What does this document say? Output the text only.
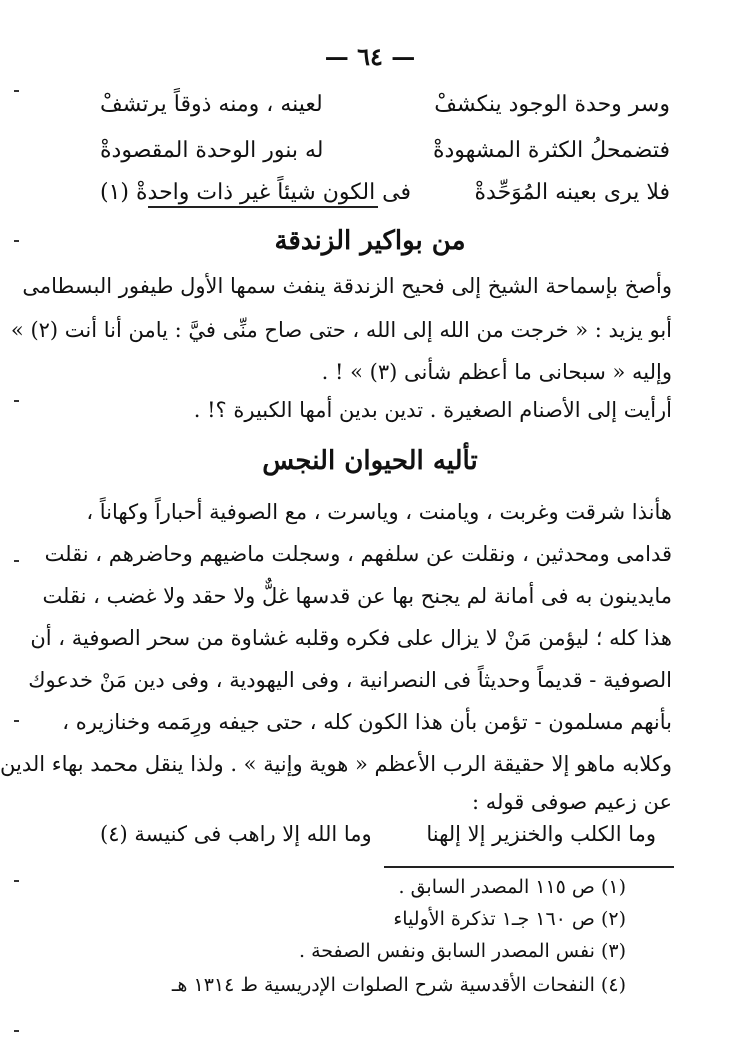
— ٦٤ —
وسر وحدة الوجود ينكشفْ
لعينه ، ومنه ذوقاً يرتشفْ
فتضمحلُ الكثرة المشهودةْ
له بنور الوحدة المقصودةْ
فلا يرى بعينه المُوَحِّدةْ
فى الكون شيئاً غير ذات واحدةْ (١)
من بواكير الزندقة
وأصخ بإسماحة الشيخ إلى فحيح الزندقة ينفث سمها الأول طيفور البسطامى
أبو يزيد : « خرجت من الله إلى الله ، حتى صاح منِّى فيَّ : يامن أنا أنت (٢) »
وإليه « سبحانى ما أعظم شأنى (٣) » ! .
أرأيت إلى الأصنام الصغيرة . تدين بدين أمها الكبيرة ؟! .
تأليه الحيوان النجس
هأنذا شرقت وغربت ، ويامنت ، وياسرت ، مع الصوفية أحباراً وكهاناً ،
قدامى ومحدثين ، ونقلت عن سلفهم ، وسجلت ماضيهم وحاضرهم ، نقلت
مايدينون به فى أمانة لم يجنح بها عن قدسها غلٌّ ولا حقد ولا غضب ، نقلت
هذا كله ؛ ليؤمن مَنْ لا يزال على فكره وقلبه غشاوة من سحر الصوفية ، أن
الصوفية - قديماً وحديثاً فى النصرانية ، وفى اليهودية ، وفى دين مَنْ خدعوك
بأنهم مسلمون - تؤمن بأن هذا الكون كله ، حتى جيفه ورِمَمه وخنازيره ،
وكلابه ماهو إلا حقيقة الرب الأعظم « هوية وإنية » . ولذا ينقل محمد بهاء الدين
عن زعيم صوفى قوله :
وما الكلب والخنزير إلا إلهنا
وما الله إلا راهب فى كنيسة (٤)
(١) ص ١١٥ المصدر السابق .
(٢) ص ١٦٠ جـ١ تذكرة الأولياء
(٣) نفس المصدر السابق ونفس الصفحة .
(٤) النفحات الأقدسية شرح الصلوات الإدريسية ط ١٣١٤ هـ
